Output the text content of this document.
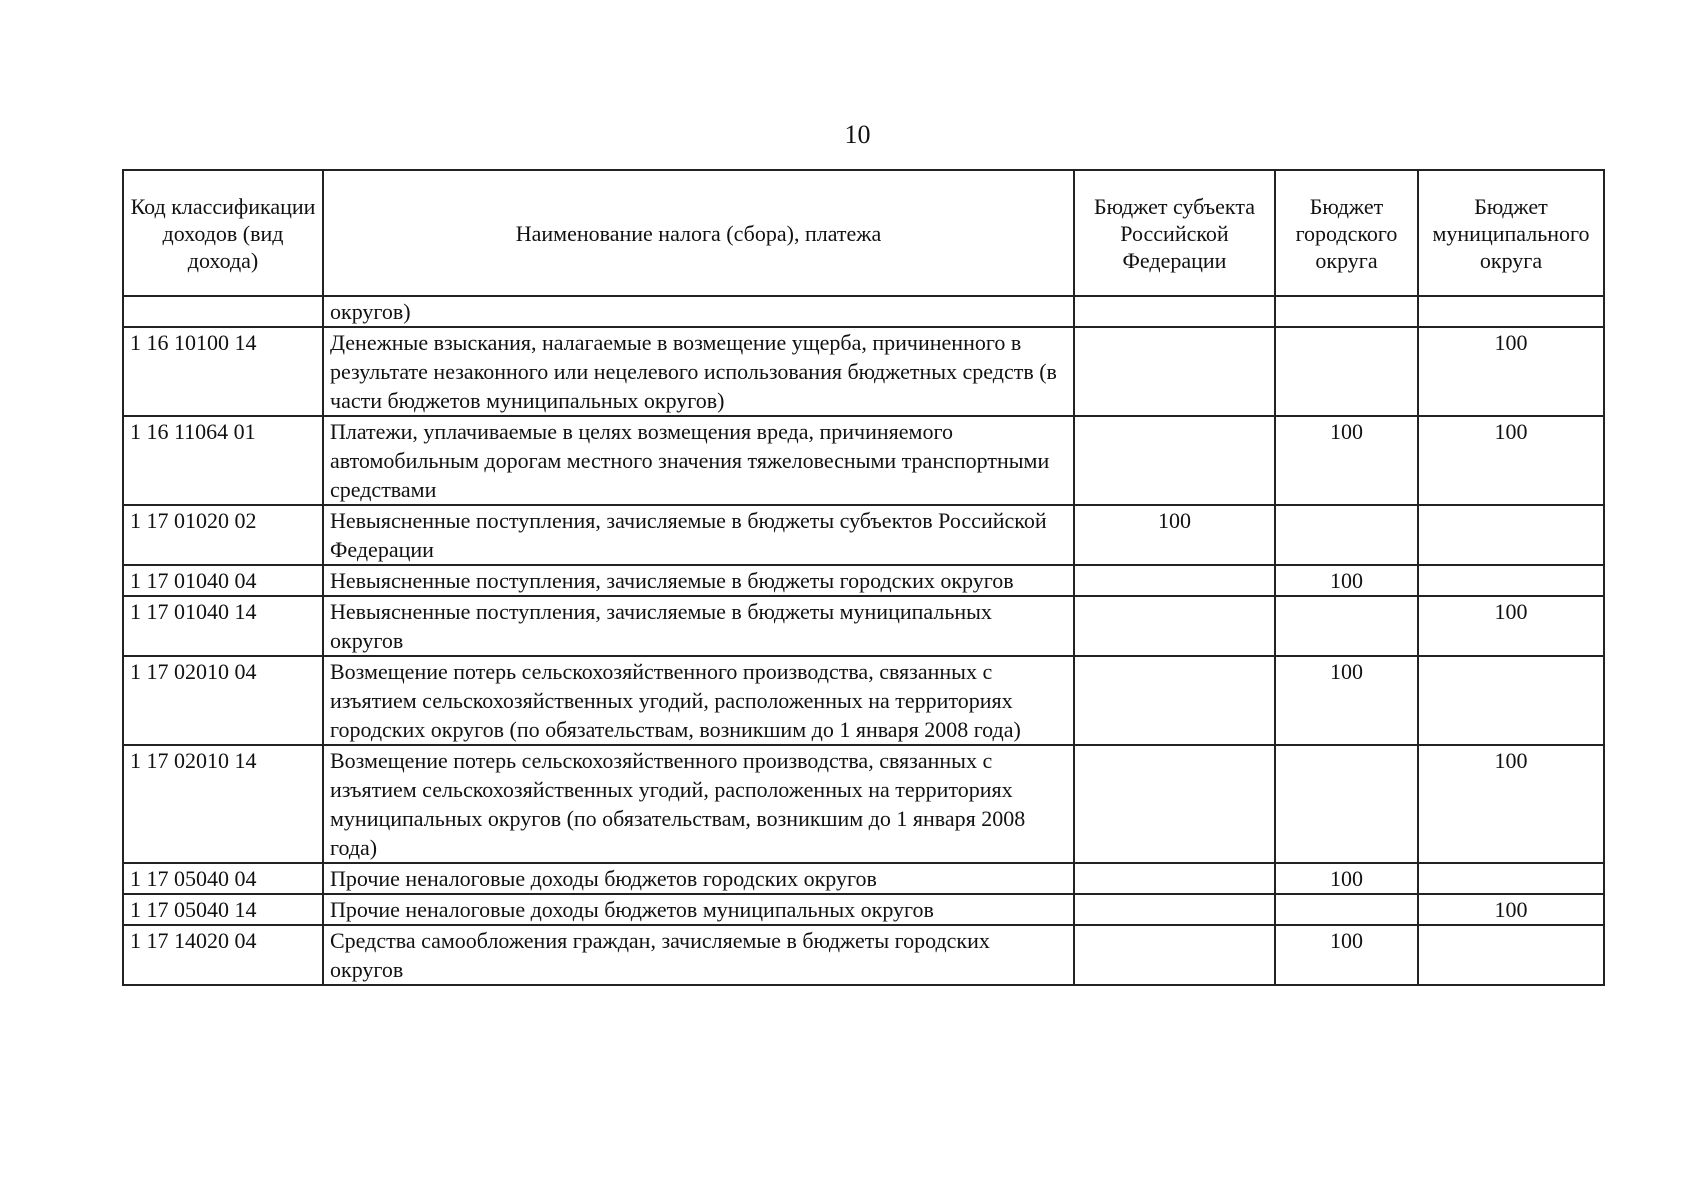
10
Код классификации доходов (вид дохода)	Наименование налога (сбора), платежа	Бюджет субъекта Российской Федерации	Бюджет городского округа	Бюджет муниципального округа
	округов)			
1 16 10100 14	Денежные взыскания, налагаемые в возмещение ущерба, причиненного в результате незаконного или нецелевого использования бюджетных средств (в части бюджетов муниципальных округов)			100
1 16 11064 01	Платежи, уплачиваемые в целях возмещения вреда, причиняемого автомобильным дорогам местного значения тяжеловесными транспортными средствами		100	100
1 17 01020 02	Невыясненные поступления, зачисляемые в бюджеты субъектов Российской Федерации	100		
1 17 01040 04	Невыясненные поступления, зачисляемые в бюджеты городских округов		100	
1 17 01040 14	Невыясненные поступления, зачисляемые в бюджеты муниципальных округов			100
1 17 02010 04	Возмещение потерь сельскохозяйственного производства, связанных с изъятием сельскохозяйственных угодий, расположенных на территориях городских округов (по обязательствам, возникшим до 1 января 2008 года)		100	
1 17 02010 14	Возмещение потерь сельскохозяйственного производства, связанных с изъятием сельскохозяйственных угодий, расположенных на территориях муниципальных округов (по обязательствам, возникшим до 1 января 2008 года)			100
1 17 05040 04	Прочие неналоговые доходы бюджетов городских округов		100	
1 17 05040 14	Прочие неналоговые доходы бюджетов муниципальных округов			100
1 17 14020 04	Средства самообложения граждан, зачисляемые в бюджеты городских округов		100	
